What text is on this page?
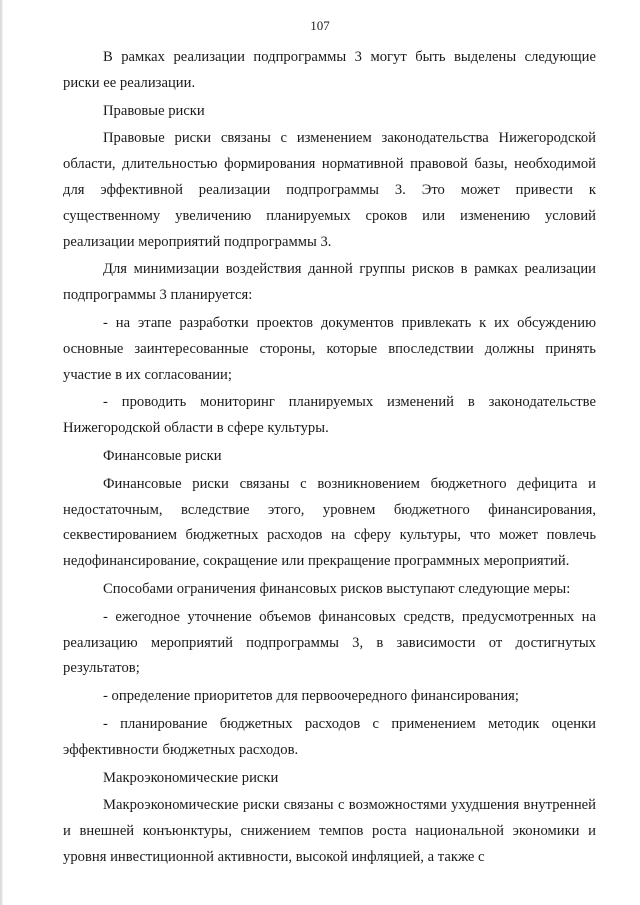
107

В рамках реализации подпрограммы 3 могут быть выделены следующие риски ее реализации.

Правовые риски

Правовые риски связаны с изменением законодательства Нижегородской области, длительностью формирования нормативной правовой базы, необходимой для эффективной реализации подпрограммы 3. Это может привести к существенному увеличению планируемых сроков или изменению условий реализации мероприятий подпрограммы 3.

Для минимизации воздействия данной группы рисков в рамках реализации подпрограммы 3 планируется:

- на этапе разработки проектов документов привлекать к их обсуждению основные заинтересованные стороны, которые впоследствии должны принять участие в их согласовании;

- проводить мониторинг планируемых изменений в законодательстве Нижегородской области в сфере культуры.

Финансовые риски

Финансовые риски связаны с возникновением бюджетного дефицита и недостаточным, вследствие этого, уровнем бюджетного финансирования, секвестированием бюджетных расходов на сферу культуры, что может повлечь недофинансирование, сокращение или прекращение программных мероприятий.

Способами ограничения финансовых рисков выступают следующие меры:

- ежегодное уточнение объемов финансовых средств, предусмотренных на реализацию мероприятий подпрограммы 3, в зависимости от достигнутых результатов;

- определение приоритетов для первоочередного финансирования;

- планирование бюджетных расходов с применением методик оценки эффективности бюджетных расходов.

Макроэкономические риски

Макроэкономические риски связаны с возможностями ухудшения внутренней и внешней конъюнктуры, снижением темпов роста национальной экономики и уровня инвестиционной активности, высокой инфляцией, а также с
